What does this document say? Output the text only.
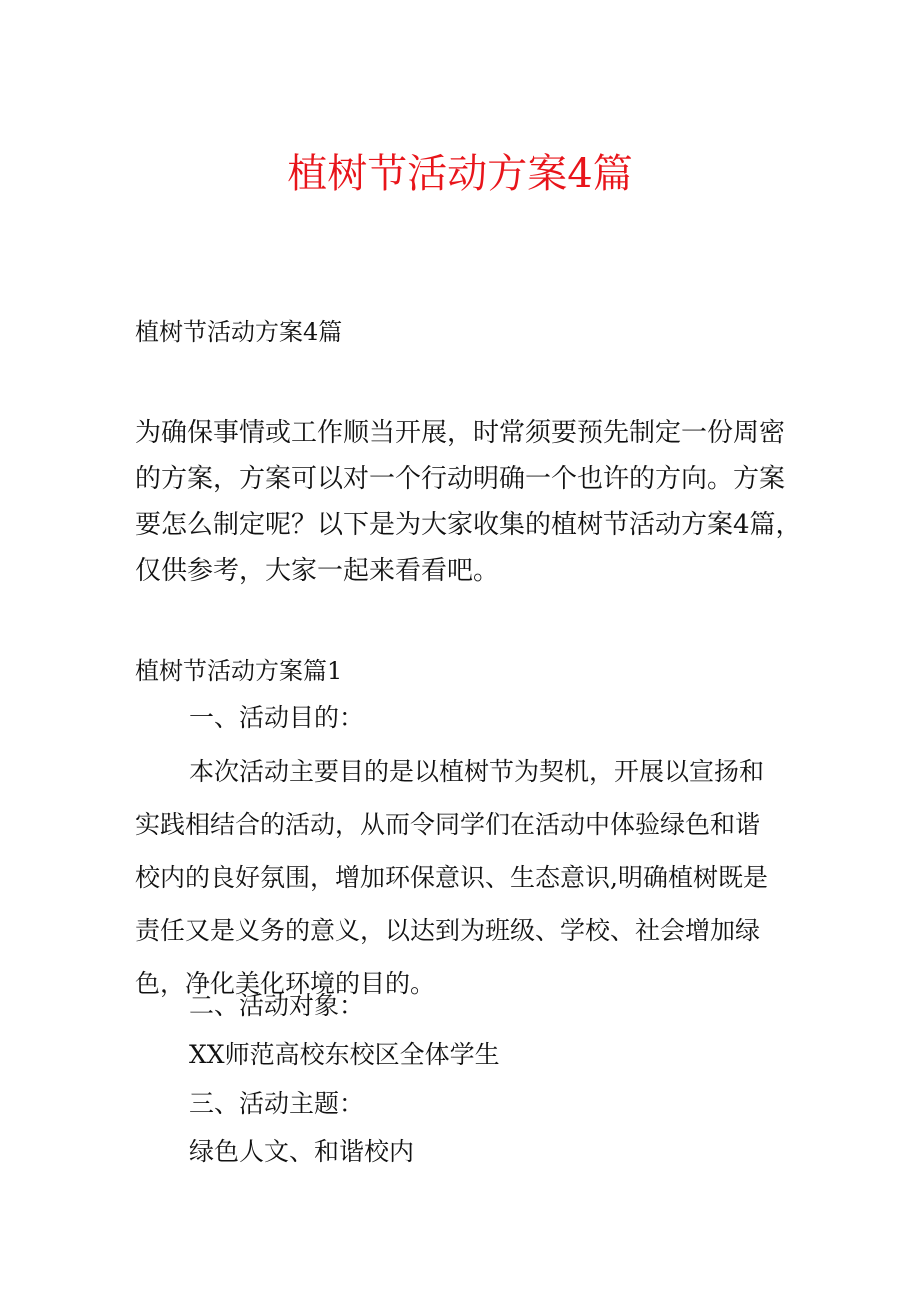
植树节活动方案4篇

植树节活动方案4篇

为确保事情或工作顺当开展，时常须要预先制定一份周密
的方案，方案可以对一个行动明确一个也许的方向。方案
要怎么制定呢？以下是为大家收集的植树节活动方案4篇，
仅供参考，大家一起来看看吧。

植树节活动方案篇1

一、活动目的：

本次活动主要目的是以植树节为契机，开展以宣扬和
实践相结合的活动，从而令同学们在活动中体验绿色和谐
校内的良好氛围，增加环保意识、生态意识,明确植树既是
责任又是义务的意义，以达到为班级、学校、社会增加绿
色，净化美化环境的目的。

二、活动对象：

XX师范高校东校区全体学生

三、活动主题：

绿色人文、和谐校内
